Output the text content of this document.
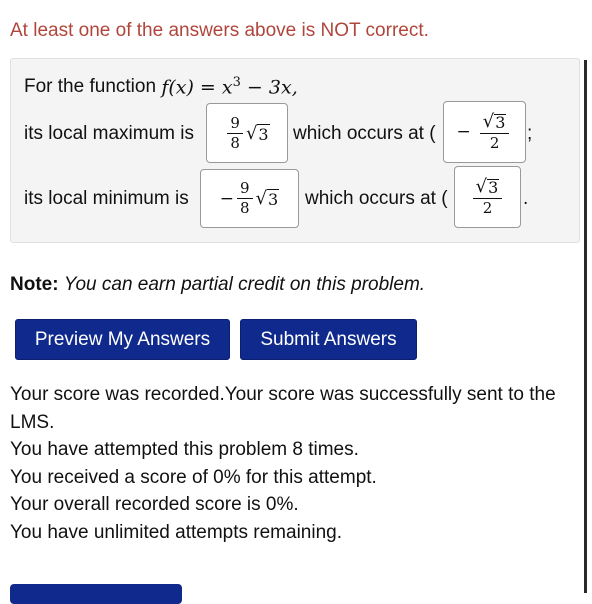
At least one of the answers above is NOT correct.
For the function
$f(x) = x^3 - 3x$,
its local maximum is $\frac{9}{8}$ √ 3 which occurs at ( − $\frac{√ 3}{2}$ ;
its local minimum is − $\frac{9}{8}$ √ 3 which occurs at ( $\frac{√ 3}{2}$ .
Note: You can earn partial credit on this problem.
Preview My Answers	Submit Answers
Your score was recorded.Your score was successfully sent to the LMS.
You have attempted this problem 8 times.
You received a score of 0% for this attempt.
Your overall recorded score is 0%.
You have unlimited attempts remaining.
